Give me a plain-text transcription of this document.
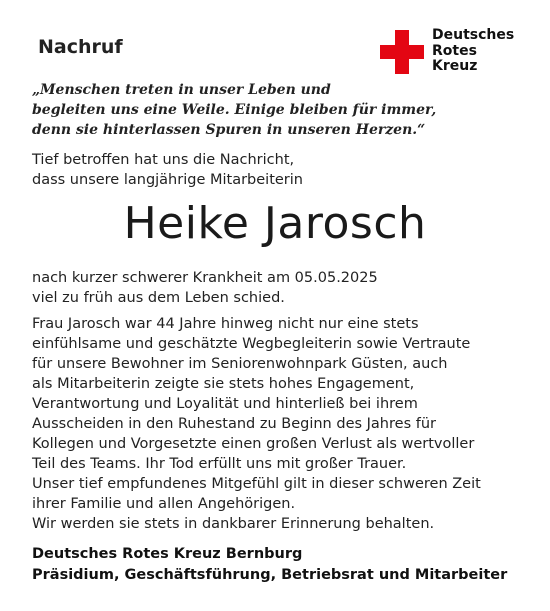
Nachruf
Deutsches
Rotes
Kreuz
„Menschen treten in unser Leben und
begleiten uns eine Weile. Einige bleiben für immer,
denn sie hinterlassen Spuren in unseren Herzen.“
Tief betroffen hat uns die Nachricht,
dass unsere langjährige Mitarbeiterin
Heike Jarosch
nach kurzer schwerer Krankheit am 05.05.2025
viel zu früh aus dem Leben schied.
Frau Jarosch war 44 Jahre hinweg nicht nur eine stets
einfühlsame und geschätzte Wegbegleiterin sowie Vertraute
für unsere Bewohner im Seniorenwohnpark Güsten, auch
als Mitarbeiterin zeigte sie stets hohes Engagement,
Verantwortung und Loyalität und hinterließ bei ihrem
Ausscheiden in den Ruhestand zu Beginn des Jahres für
Kollegen und Vorgesetzte einen großen Verlust als wertvoller
Teil des Teams. Ihr Tod erfüllt uns mit großer Trauer.
Unser tief empfundenes Mitgefühl gilt in dieser schweren Zeit
ihrer Familie und allen Angehörigen.
Wir werden sie stets in dankbarer Erinnerung behalten.
Deutsches Rotes Kreuz Bernburg
Präsidium, Geschäftsführung, Betriebsrat und Mitarbeiter
